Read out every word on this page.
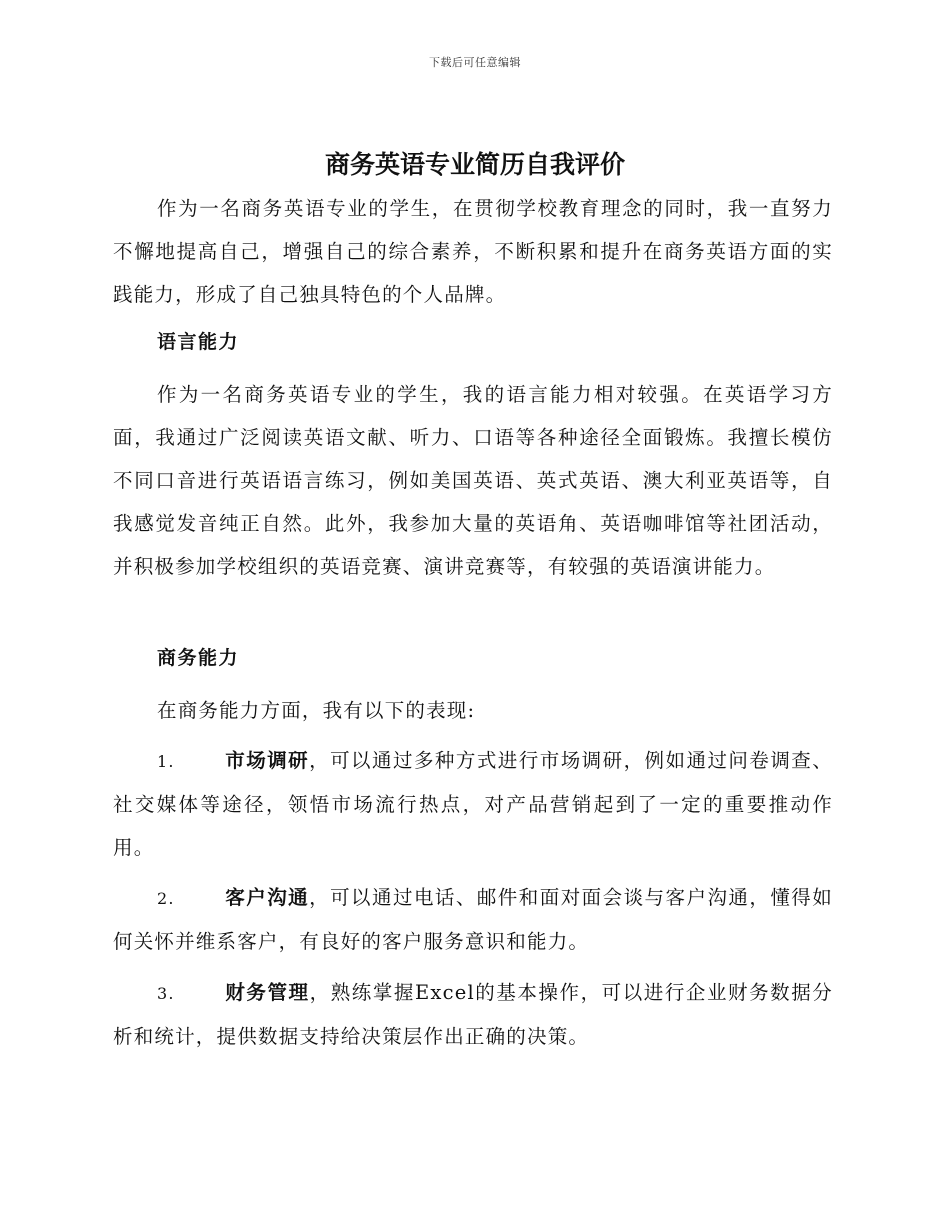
下载后可任意编辑
商务英语专业简历自我评价

作为一名商务英语专业的学生，在贯彻学校教育理念的同时，我一直努力不懈地提高自己，增强自己的综合素养，不断积累和提升在商务英语方面的实践能力，形成了自己独具特色的个人品牌。

语言能力

作为一名商务英语专业的学生，我的语言能力相对较强。在英语学习方面，我通过广泛阅读英语文献、听力、口语等各种途径全面锻炼。我擅长模仿不同口音进行英语语言练习，例如美国英语、英式英语、澳大利亚英语等，自我感觉发音纯正自然。此外，我参加大量的英语角、英语咖啡馆等社团活动，并积极参加学校组织的英语竞赛、演讲竞赛等，有较强的英语演讲能力。

商务能力

在商务能力方面，我有以下的表现:

1.	市场调研，可以通过多种方式进行市场调研，例如通过问卷调查、社交媒体等途径，领悟市场流行热点，对产品营销起到了一定的重要推动作用。

2.	客户沟通，可以通过电话、邮件和面对面会谈与客户沟通，懂得如何关怀并维系客户，有良好的客户服务意识和能力。

3.	财务管理，熟练掌握Excel的基本操作，可以进行企业财务数据分析和统计，提供数据支持给决策层作出正确的决策。
